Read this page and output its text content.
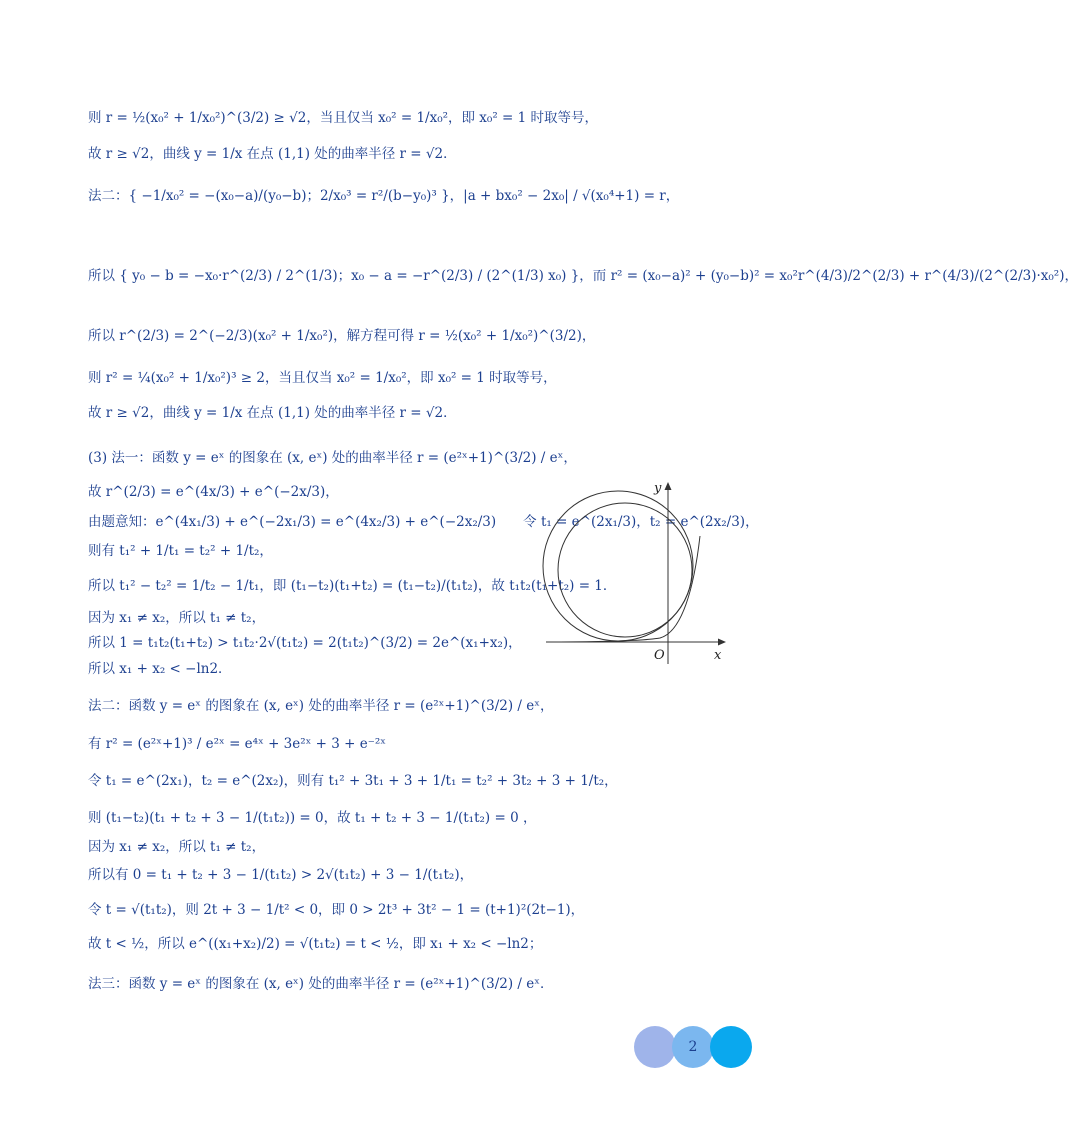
则 r = ½(x₀² + 1/x₀²)^(3/2) ≥ √2，当且仅当 x₀² = 1/x₀²，即 x₀² = 1 时取等号，
故 r ≥ √2，曲线 y = 1/x 在点 (1,1) 处的曲率半径 r = √2．
法二：{ −1/x₀² = −(x₀−a)/(y₀−b)；2/x₀³ = r²/(b−y₀)³ }，|a + bx₀² − 2x₀| / √(x₀⁴+1) = r，
所以 { y₀ − b = −x₀·r^(2/3) / 2^(1/3)；x₀ − a = −r^(2/3) / (2^(1/3) x₀) }，而 r² = (x₀−a)² + (y₀−b)² = x₀²r^(4/3)/2^(2/3) + r^(4/3)/(2^(2/3)·x₀²)，
所以 r^(2/3) = 2^(−2/3)(x₀² + 1/x₀²)，解方程可得 r = ½(x₀² + 1/x₀²)^(3/2)，
则 r² = ¼(x₀² + 1/x₀²)³ ≥ 2，当且仅当 x₀² = 1/x₀²，即 x₀² = 1 时取等号，
故 r ≥ √2，曲线 y = 1/x 在点 (1,1) 处的曲率半径 r = √2．
(3) 法一：函数 y = eˣ 的图象在 (x, eˣ) 处的曲率半径 r = (e²ˣ+1)^(3/2) / eˣ，
故 r^(2/3) = e^(4x/3) + e^(−2x/3)，
由题意知：e^(4x₁/3) + e^(−2x₁/3) = e^(4x₂/3) + e^(−2x₂/3)　　令 t₁ = e^(2x₁/3)，t₂ = e^(2x₂/3)，
则有 t₁² + 1/t₁ = t₂² + 1/t₂，
所以 t₁² − t₂² = 1/t₂ − 1/t₁，即 (t₁−t₂)(t₁+t₂) = (t₁−t₂)/(t₁t₂)，故 t₁t₂(t₁+t₂) = 1．
因为 x₁ ≠ x₂，所以 t₁ ≠ t₂，
所以 1 = t₁t₂(t₁+t₂) > t₁t₂·2√(t₁t₂) = 2(t₁t₂)^(3/2) = 2e^(x₁+x₂)，
所以 x₁ + x₂ < −ln2．
法二：函数 y = eˣ 的图象在 (x, eˣ) 处的曲率半径 r = (e²ˣ+1)^(3/2) / eˣ，
有 r² = (e²ˣ+1)³ / e²ˣ = e⁴ˣ + 3e²ˣ + 3 + e⁻²ˣ
令 t₁ = e^(2x₁)，t₂ = e^(2x₂)，则有 t₁² + 3t₁ + 3 + 1/t₁ = t₂² + 3t₂ + 3 + 1/t₂，
则 (t₁−t₂)(t₁ + t₂ + 3 − 1/(t₁t₂)) = 0，故 t₁ + t₂ + 3 − 1/(t₁t₂) = 0 ，
因为 x₁ ≠ x₂，所以 t₁ ≠ t₂，
所以有 0 = t₁ + t₂ + 3 − 1/(t₁t₂) > 2√(t₁t₂) + 3 − 1/(t₁t₂)，
令 t = √(t₁t₂)，则 2t + 3 − 1/t² < 0，即 0 > 2t³ + 3t² − 1 = (t+1)²(2t−1)，
故 t < ½，所以 e^((x₁+x₂)/2) = √(t₁t₂) = t < ½，即 x₁ + x₂ < −ln2；
法三：函数 y = eˣ 的图象在 (x, eˣ) 处的曲率半径 r = (e²ˣ+1)^(3/2) / eˣ．
y
x
O
2
